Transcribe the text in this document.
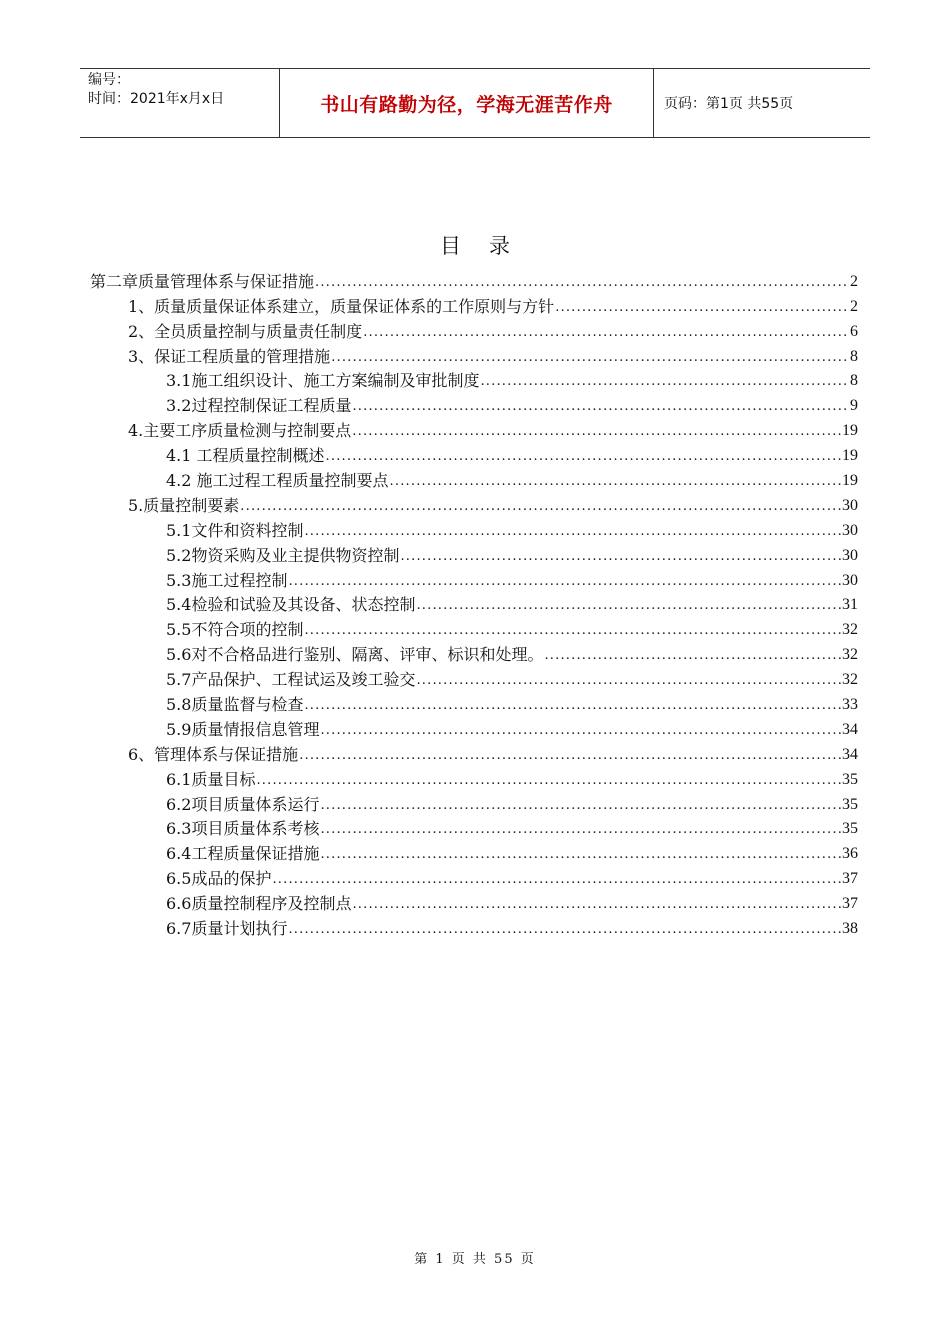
编号：
时间：2021年x月x日	书山有路勤为径，学海无涯苦作舟	页码：第1页 共55页
目录
第二章质量管理体系与保证措施 .....	2
1、质量质量保证体系建立，质量保证体系的工作原则与方针 .....	2
2、全员质量控制与质量责任制度 .....	6
3、保证工程质量的管理措施 .....	8
3.1施工组织设计、施工方案编制及审批制度 .....	8
3.2过程控制保证工程质量 .....	9
4.主要工序质量检测与控制要点 .....	19
4.1 工程质量控制概述 .....	19
4.2 施工过程工程质量控制要点 .....	19
5.质量控制要素 .....	30
5.1文件和资料控制 .....	30
5.2物资采购及业主提供物资控制 .....	30
5.3施工过程控制 .....	30
5.4检验和试验及其设备、状态控制 .....	31
5.5不符合项的控制 .....	32
5.6对不合格品进行鉴别、隔离、评审、标识和处理。 .....	32
5.7产品保护、工程试运及竣工验交 .....	32
5.8质量监督与检查 .....	33
5.9质量情报信息管理 .....	34
6、管理体系与保证措施 .....	34
6.1质量目标 .....	35
6.2项目质量体系运行 .....	35
6.3项目质量体系考核 .....	35
6.4工程质量保证措施 .....	36
6.5成品的保护 .....	37
6.6质量控制程序及控制点 .....	37
6.7质量计划执行 .....	38
第 1 页 共 55 页
